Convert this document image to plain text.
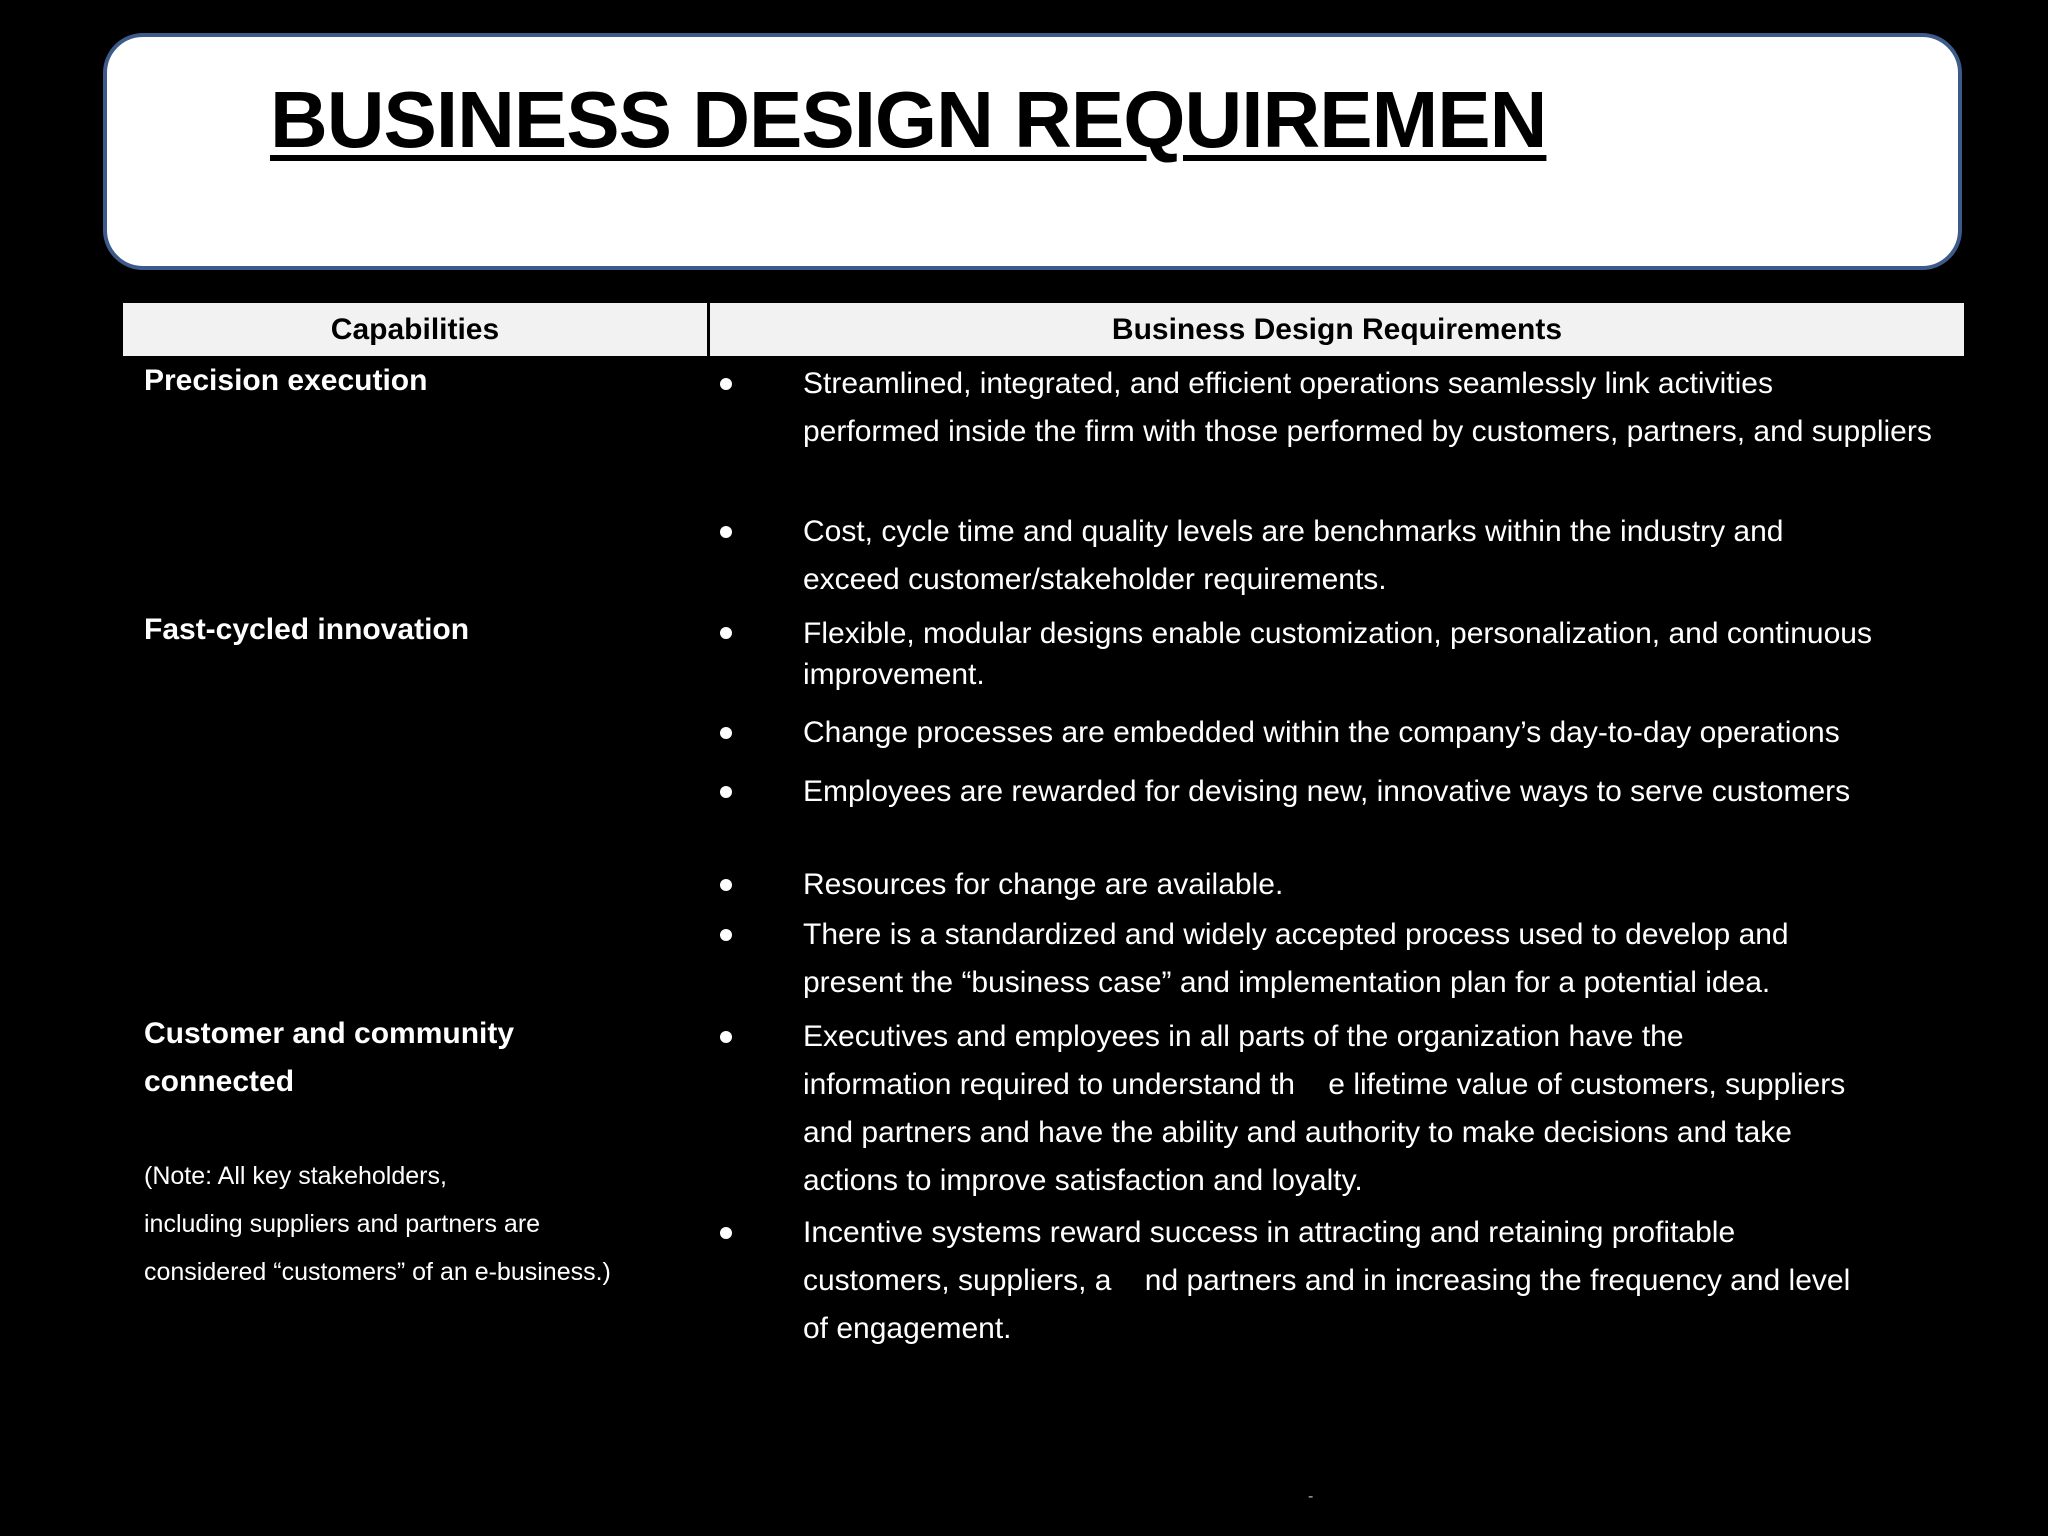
BUSINESS DESIGN REQUIREMEN
Capabilities	Business Design Requirements
Precision execution
Fast-cycled innovation
Customer and community
connected
(Note: All key stakeholders,
including suppliers and partners are
considered “customers” of an e-business.)
Streamlined, integrated, and efficient operations seamlessly link activities
performed inside the firm with those performed by customers, partners, and suppliers
Cost, cycle time and quality levels are benchmarks within the industry and
exceed customer/stakeholder requirements.
Flexible, modular designs enable customization, personalization, and continuous
improvement.
Change processes are embedded within the company’s day-to-day operations
Employees are rewarded for devising new, innovative ways to serve customers
Resources for change are available.
There is a standardized and widely accepted process used to develop and
present the “business case” and implementation plan for a potential idea.
Executives and employees in all parts of the organization have the
information required to understand th    e lifetime value of customers, suppliers
and partners and have the ability and authority to make decisions and take
actions to improve satisfaction and loyalty.
Incentive systems reward success in attracting and retaining profitable
customers, suppliers, a    nd partners and in increasing the frequency and level
of engagement.
-
